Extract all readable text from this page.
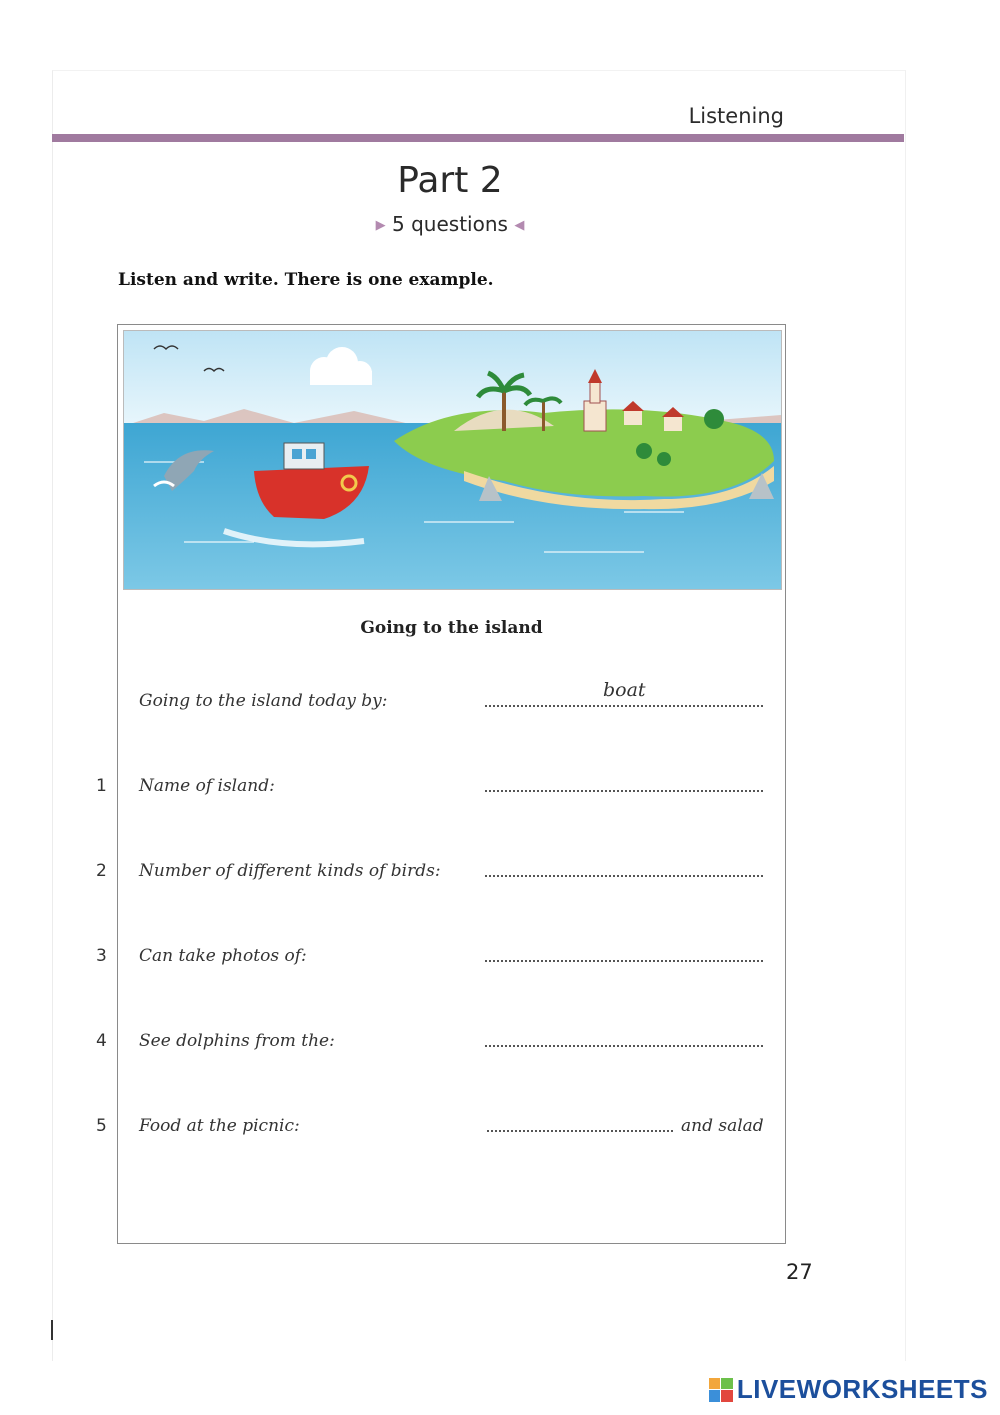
Listening
Part 2
▶ 5 questions ◀
Listen and write. There is one example.
Going to the island
Going to the island today by:	boat
1 Name of island:
2 Number of different kinds of birds:
3 Can take photos of:
4 See dolphins from the:
5 Food at the picnic:	and salad
27
LIVEWORKSHEETS
